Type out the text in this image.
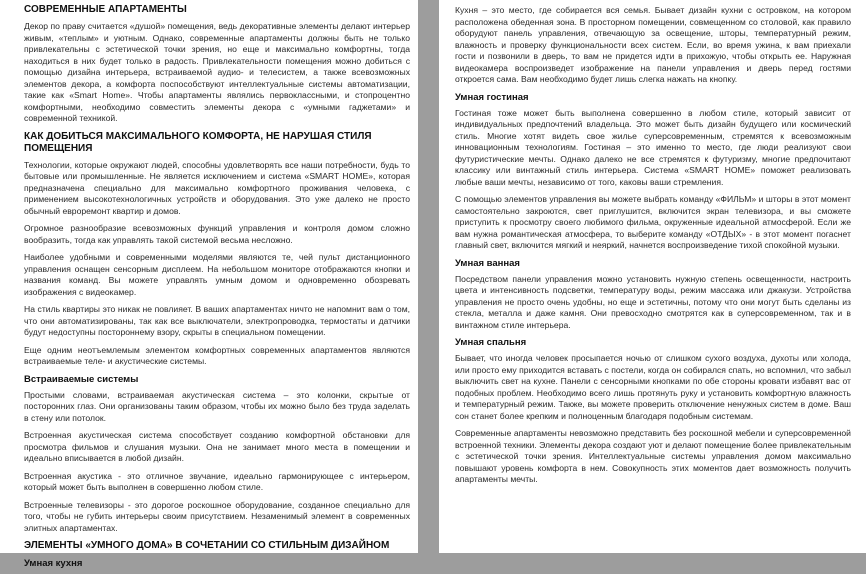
СОВРЕМЕННЫЕ АПАРТАМЕНТЫ

Декор по праву считается «душой» помещения, ведь декоративные элементы делают интерьер живым, «теплым» и уютным. Однако, современные апартаменты должны быть не только привлекательны с эстетической точки зрения, но еще и максимально комфортны, тогда находиться в них будет только в радость. Привлекательности помещения можно добиться с помощью дизайна интерьера, встраиваемой аудио- и телесистем, а также всевозможных элементов декора, а комфорта поспособствуют интеллектуальные системы автоматизации, такие как «Smart Home». Чтобы апартаменты являлись первоклассными, и стопроцентно комфортными, необходимо совместить элементы декора с «умными гаджетами» и современной техникой.

КАК ДОБИТЬСЯ МАКСИМАЛЬНОГО КОМФОРТА, НЕ НАРУШАЯ СТИЛЯ ПОМЕЩЕНИЯ

Технологии, которые окружают людей, способны удовлетворять все наши потребности, будь то бытовые или промышленные. Не является исключением и система «SMART HOME», которая предназначена специально для максимально комфортного проживания человека, с применением высокотехнологичных устройств и оборудования. Это уже далеко не просто обычный евроремонт квартир и домов.

Огромное разнообразие всевозможных функций управления и контроля домом сложно вообразить, тогда как управлять такой системой весьма несложно.

Наиболее удобными и современными моделями являются те, чей пульт дистанционного управления оснащен сенсорным дисплеем. На небольшом мониторе отображаются кнопки и названия команд. Вы можете управлять умным домом и одновременно обозревать изображения с видеокамер.

На стиль квартиры это никак не повлияет. В ваших апартаментах ничто не напомнит вам о том, что они автоматизированы, так как все выключатели, электропроводка, термостаты и датчики будут недоступны постороннему взору, скрыты в специальном помещении.

Еще одним неотъемлемым элементом комфортных современных апартаментов являются встраиваемые теле- и акустические системы.

Встраиваемые системы

Простыми словами, встраиваемая акустическая система – это колонки, скрытые от посторонних глаз. Они организованы таким образом, чтобы их можно было без труда заделать в стену или потолок.

Встроенная акустическая система способствует созданию комфортной обстановки для просмотра фильмов и слушания музыки. Она не занимает много места в помещении и идеально вписывается в любой дизайн.

Встроенная акустика - это отличное звучание, идеально гармонирующее с интерьером, который может быть выполнен в совершенно любом стиле.

Встроенные телевизоры - это дорогое роскошное оборудование, созданное специально для того, чтобы не губить интерьеры своим присутствием. Незаменимый элемент в современных элитных апартаментах.

ЭЛЕМЕНТЫ «УМНОГО ДОМА» В СОЧЕТАНИИ СО СТИЛЬНЫМ ДИЗАЙНОМ
Умная кухня

Кухня – это место, где собирается вся семья. Бывает дизайн кухни с островком, на котором расположена обеденная зона. В просторном помещении, совмещенном со столовой, как правило оборудуют панель управления, отвечающую за освещение, шторы, температурный режим, влажность и проверку функциональности всех систем. Если, во время ужина, к вам приехали гости и позвонили в дверь, то вам не придется идти в прихожую, чтобы открыть ее. Наружная видеокамера воспроизведет изображение на панели управления и дверь перед гостями откроется сама. Вам необходимо будет лишь слегка нажать на кнопку.

Умная гостиная

Гостиная тоже может быть выполнена совершенно в любом стиле, который зависит от индивидуальных предпочтений владельца. Это может быть дизайн будущего или космический стиль. Многие хотят видеть свое жилье суперсовременным, стремятся к всевозможным инновационным технологиям. Гостиная – это именно то место, где люди реализуют свои футуристические мечты. Однако далеко не все стремятся к футуризму, многие предпочитают классику или винтажный стиль интерьера. Система «SMART HOME» поможет реализовать любые ваши мечты, независимо от того, каковы ваши стремления.

С помощью элементов управления вы можете выбрать команду «ФИЛЬМ» и шторы в этот момент самостоятельно закроются, свет приглушится, включится экран телевизора, и вы сможете приступить к просмотру своего любимого фильма, окруженные идеальной атмосферой. Если же вам нужна романтическая атмосфера, то выберите команду «ОТДЫХ» - в этот момент погаснет главный свет, включится мягкий и неяркий, начнется воспроизведение тихой спокойной музыки.

Умная ванная

Посредством панели управления можно установить нужную степень освещенности, настроить цвета и интенсивность подсветки, температуру воды, режим массажа или джакузи. Устройства управления не просто очень удобны, но еще и эстетичны, потому что они могут быть сделаны из стекла, металла и даже камня. Они превосходно смотрятся как в суперсовременном, так и в винтажном стиле интерьера.

Умная спальня

Бывает, что иногда человек просыпается ночью от слишком сухого воздуха, духоты или холода, или просто ему приходится вставать с постели, когда он собирался спать, но вспомнил, что забыл выключить свет на кухне. Панели с сенсорными кнопками по обе стороны кровати избавят вас от подобных проблем. Необходимо всего лишь протянуть руку и установить комфортную влажность и температурный режим. Также, вы можете проверить отключение ненужных систем в доме. Ваш сон станет более крепким и полноценным благодаря подобным системам.

Современные апартаменты невозможно представить без роскошной мебели и суперсовременной встроенной техники. Элементы декора создают уют и делают помещение более привлекательным с эстетической точки зрения. Интеллектуальные системы управления домом максимально повышают уровень комфорта в нем. Совокупность этих моментов дает возможность получить апартаменты мечты.
